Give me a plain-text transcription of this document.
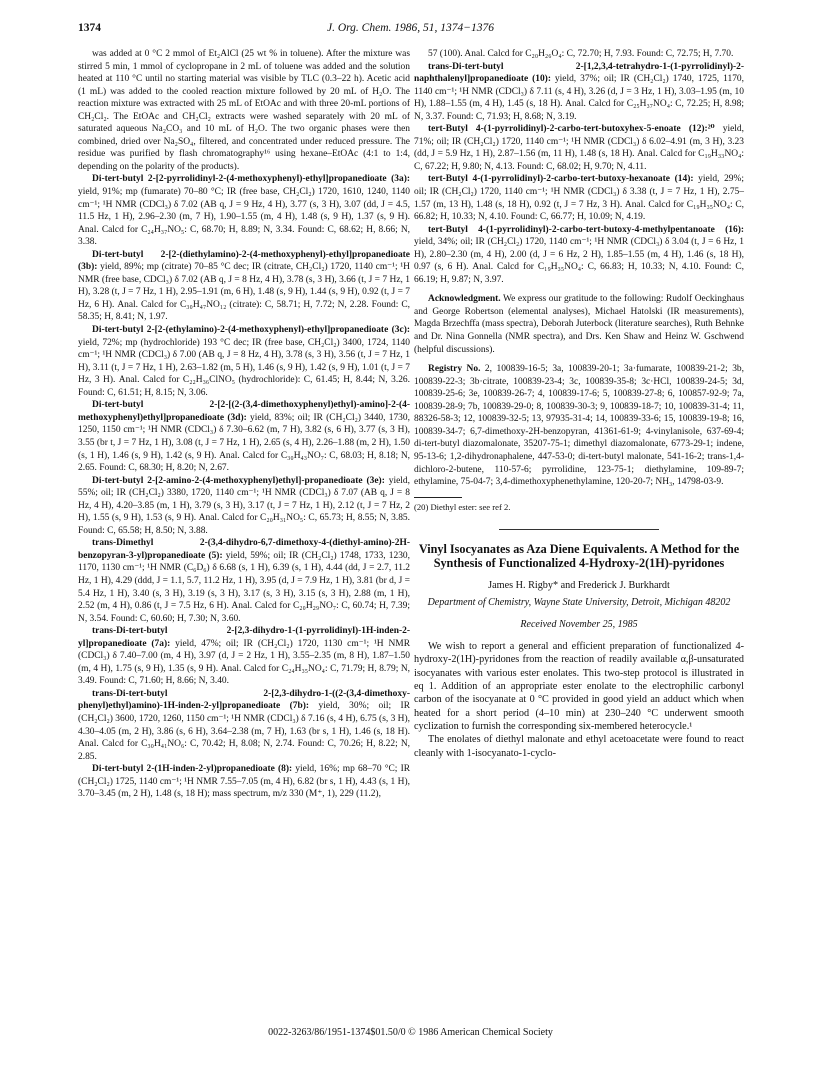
1374	J. Org. Chem. 1986, 51, 1374−1376

was added at 0 °C 2 mmol of Et₂AlCl (25 wt % in toluene). After the mixture was stirred 5 min, 1 mmol of cyclopropane in 2 mL of toluene was added and the solution heated at 110 °C until no starting material was visible by TLC (0.3–22 h). Acetic acid (1 mL) was added to the cooled reaction mixture followed by 20 mL of H₂O. The reaction mixture was extracted with 25 mL of EtOAc and with three 20-mL portions of CH₂Cl₂. The EtOAc and CH₂Cl₂ extracts were washed separately with 20 mL of saturated aqueous Na₂CO₃ and 10 mL of H₂O. The two organic phases were then combined, dried over Na₂SO₄, filtered, and concentrated under reduced pressure. The residue was purified by flash chromatography¹⁶ using hexane–EtOAc (4:1 to 1:4, depending on the polarity of the products).

Di-tert-butyl 2-[2-pyrrolidinyl-2-(4-methoxyphenyl)-ethyl]propanedioate (3a): yield, 91%; mp (fumarate) 70–80 °C; IR (free base, CH₂Cl₂) 1720, 1610, 1240, 1140 cm⁻¹; ¹H NMR (CDCl₃) δ 7.02 (AB q, J = 9 Hz, 4 H), 3.77 (s, 3 H), 3.07 (dd, J = 4.5, 11.5 Hz, 1 H), 2.96–2.30 (m, 7 H), 1.90–1.55 (m, 4 H), 1.48 (s, 9 H), 1.37 (s, 9 H). Anal. Calcd for C₂₄H₃₇NO₅: C, 68.70; H, 8.89; N, 3.34. Found: C, 68.62; H, 8.66; N, 3.38.

Di-tert-butyl 2-[2-(diethylamino)-2-(4-methoxyphenyl)-ethyl]propanedioate (3b): yield, 89%; mp (citrate) 70–85 °C dec; IR (citrate, CH₂Cl₂) 1720, 1140 cm⁻¹; ¹H NMR (free base, CDCl₃) δ 7.02 (AB q, J = 8 Hz, 4 H), 3.78 (s, 3 H), 3.66 (t, J = 7 Hz, 1 H), 3.28 (t, J = 7 Hz, 1 H), 2.95–1.91 (m, 6 H), 1.48 (s, 9 H), 1.44 (s, 9 H), 0.92 (t, J = 7 Hz, 6 H). Anal. Calcd for C₃₀H₄₇NO₁₂ (citrate): C, 58.71; H, 7.72; N, 2.28. Found: C, 58.35; H, 8.41; N, 1.97.

Di-tert-butyl 2-[2-(ethylamino)-2-(4-methoxyphenyl)-ethyl]propanedioate (3c): yield, 72%; mp (hydrochloride) 193 °C dec; IR (free base, CH₂Cl₂) 3400, 1724, 1140 cm⁻¹; ¹H NMR (CDCl₃) δ 7.00 (AB q, J = 8 Hz, 4 H), 3.78 (s, 3 H), 3.56 (t, J = 7 Hz, 1 H), 3.11 (t, J = 7 Hz, 1 H), 2.63–1.82 (m, 5 H), 1.46 (s, 9 H), 1.42 (s, 9 H), 1.01 (t, J = 7 Hz, 3 H). Anal. Calcd for C₂₂H₃₆ClNO₅ (hydrochloride): C, 61.45; H, 8.44; N, 3.26. Found: C, 61.51; H, 8.15; N, 3.06.

Di-tert-butyl 2-[2-[(2-(3,4-dimethoxyphenyl)ethyl)-amino]-2-(4-methoxyphenyl)ethyl]propanedioate (3d): yield, 83%; oil; IR (CH₂Cl₂) 3440, 1730, 1250, 1150 cm⁻¹; ¹H NMR (CDCl₃) δ 7.30–6.62 (m, 7 H), 3.82 (s, 6 H), 3.77 (s, 3 H), 3.55 (br t, J = 7 Hz, 1 H), 3.08 (t, J = 7 Hz, 1 H), 2.65 (s, 4 H), 2.26–1.88 (m, 2 H), 1.50 (s, 1 H), 1.46 (s, 9 H), 1.42 (s, 9 H). Anal. Calcd for C₃₀H₄₃NO₇: C, 68.03; H, 8.18; N, 2.65. Found: C, 68.30; H, 8.20; N, 2.67.

Di-tert-butyl 2-[2-amino-2-(4-methoxyphenyl)ethyl]-propanedioate (3e): yield, 55%; oil; IR (CH₂Cl₂) 3380, 1720, 1140 cm⁻¹; ¹H NMR (CDCl₃) δ 7.07 (AB q, J = 8 Hz, 4 H), 4.20–3.85 (m, 1 H), 3.79 (s, 3 H), 3.17 (t, J = 7 Hz, 1 H), 2.12 (t, J = 7 Hz, 2 H), 1.55 (s, 9 H), 1.53 (s, 9 H). Anal. Calcd for C₂₀H₃₁NO₅: C, 65.73; H, 8.55; N, 3.85. Found: C, 65.58; H, 8.50; N, 3.88.

trans-Dimethyl 2-(3,4-dihydro-6,7-dimethoxy-4-(diethyl-amino)-2H-benzopyran-3-yl)propanedioate (5): yield, 59%; oil; IR (CH₂Cl₂) 1748, 1733, 1230, 1170, 1130 cm⁻¹; ¹H NMR (C₆D₆) δ 6.68 (s, 1 H), 6.39 (s, 1 H), 4.44 (dd, J = 2.7, 11.2 Hz, 1 H), 4.29 (ddd, J = 1.1, 5.7, 11.2 Hz, 1 H), 3.95 (d, J = 7.9 Hz, 1 H), 3.81 (br d, J = 5.4 Hz, 1 H), 3.40 (s, 3 H), 3.19 (s, 3 H), 3.17 (s, 3 H), 3.15 (s, 3 H), 2.88 (m, 1 H), 2.52 (m, 4 H), 0.86 (t, J = 7.5 Hz, 6 H). Anal. Calcd for C₂₀H₂₉NO₇: C, 60.74; H, 7.39; N, 3.54. Found: C, 60.60; H, 7.30; N, 3.60.

trans-Di-tert-butyl 2-[2,3-dihydro-1-(1-pyrrolidinyl)-1H-inden-2-yl]propanedioate (7a): yield, 47%; oil; IR (CH₂Cl₂) 1720, 1130 cm⁻¹; ¹H NMR (CDCl₃) δ 7.40–7.00 (m, 4 H), 3.97 (d, J = 2 Hz, 1 H), 3.55–2.35 (m, 8 H), 1.87–1.50 (m, 4 H), 1.75 (s, 9 H), 1.35 (s, 9 H). Anal. Calcd for C₂₄H₃₅NO₄: C, 71.79; H, 8.79; N, 3.49. Found: C, 71.60; H, 8.66; N, 3.40.

trans-Di-tert-butyl 2-[2,3-dihydro-1-((2-(3,4-dimethoxy-phenyl)ethyl)amino)-1H-inden-2-yl]propanedioate (7b): yield, 30%; oil; IR (CH₂Cl₂) 3600, 1720, 1260, 1150 cm⁻¹; ¹H NMR (CDCl₃) δ 7.16 (s, 4 H), 6.75 (s, 3 H), 4.30–4.05 (m, 2 H), 3.86 (s, 6 H), 3.64–2.38 (m, 7 H), 1.63 (br s, 1 H), 1.46 (s, 18 H). Anal. Calcd for C₃₀H₄₁NO₆: C, 70.42; H, 8.08; N, 2.74. Found: C, 70.26; H, 8.22; N, 2.85.

Di-tert-butyl 2-(1H-inden-2-yl)propanedioate (8): yield, 16%; mp 68–70 °C; IR (CH₂Cl₂) 1725, 1140 cm⁻¹; ¹H NMR 7.55–7.05 (m, 4 H), 6.82 (br s, 1 H), 4.43 (s, 1 H), 3.70–3.45 (m, 2 H), 1.48 (s, 18 H); mass spectrum, m/z 330 (M⁺, 1), 229 (11.2),

57 (100). Anal. Calcd for C₂₀H₂₆O₄: C, 72.70; H, 7.93. Found: C, 72.75; H, 7.70.

trans-Di-tert-butyl 2-[1,2,3,4-tetrahydro-1-(1-pyrrolidinyl)-2-naphthalenyl]propanedioate (10): yield, 37%; oil; IR (CH₂Cl₂) 1740, 1725, 1170, 1140 cm⁻¹; ¹H NMR (CDCl₃) δ 7.11 (s, 4 H), 3.26 (d, J = 3 Hz, 1 H), 3.03–1.95 (m, 10 H), 1.88–1.55 (m, 4 H), 1.45 (s, 18 H). Anal. Calcd for C₂₅H₃₇NO₄: C, 72.25; H, 8.98; N, 3.37. Found: C, 71.93; H, 8.68; N, 3.19.

tert-Butyl 4-(1-pyrrolidinyl)-2-carbo-tert-butoxyhex-5-enoate (12):²⁰ yield, 71%; oil; IR (CH₂Cl₂) 1720, 1140 cm⁻¹; ¹H NMR (CDCl₃) δ 6.02–4.91 (m, 3 H), 3.23 (dd, J = 5.9 Hz, 1 H), 2.87–1.56 (m, 11 H), 1.48 (s, 18 H). Anal. Calcd for C₁₉H₃₃NO₄: C, 67.22; H, 9.80; N, 4.13. Found: C, 68.02; H, 9.70; N, 4.11.

tert-Butyl 4-(1-pyrrolidinyl)-2-carbo-tert-butoxy-hexanoate (14): yield, 29%; oil; IR (CH₂Cl₂) 1720, 1140 cm⁻¹; ¹H NMR (CDCl₃) δ 3.38 (t, J = 7 Hz, 1 H), 2.75–1.57 (m, 13 H), 1.48 (s, 18 H), 0.92 (t, J = 7 Hz, 3 H). Anal. Calcd for C₁₉H₃₅NO₄: C, 66.82; H, 10.33; N, 4.10. Found: C, 66.77; H, 10.09; N, 4.19.

tert-Butyl 4-(1-pyrrolidinyl)-2-carbo-tert-butoxy-4-methylpentanoate (16): yield, 34%; oil; IR (CH₂Cl₂) 1720, 1140 cm⁻¹; ¹H NMR (CDCl₃) δ 3.04 (t, J = 6 Hz, 1 H), 2.80–2.30 (m, 4 H), 2.00 (d, J = 6 Hz, 2 H), 1.85–1.55 (m, 4 H), 1.46 (s, 18 H), 0.97 (s, 6 H). Anal. Calcd for C₁₉H₃₅NO₄: C, 66.83; H, 10.33; N, 4.10. Found: C, 66.19; H, 9.87; N, 3.97.

Acknowledgment. We express our gratitude to the following: Rudolf Oeckinghaus and George Robertson (elemental analyses), Michael Hatolski (IR measurements), Magda Brzechffa (mass spectra), Deborah Juterbock (literature searches), Ruth Behnke and Dr. Nina Gonnella (NMR spectra), and Drs. Ken Shaw and Heinz W. Gschwend (helpful discussions).

Registry No. 2, 100839-16-5; 3a, 100839-20-1; 3a·fumarate, 100839-21-2; 3b, 100839-22-3; 3b·citrate, 100839-23-4; 3c, 100839-35-8; 3c·HCl, 100839-24-5; 3d, 100839-25-6; 3e, 100839-26-7; 4, 100839-17-6; 5, 100839-27-8; 6, 100857-92-9; 7a, 100839-28-9; 7b, 100839-29-0; 8, 100839-30-3; 9, 100839-18-7; 10, 100839-31-4; 11, 88326-58-3; 12, 100839-32-5; 13, 97935-31-4; 14, 100839-33-6; 15, 100839-19-8; 16, 100839-34-7; 6,7-dimethoxy-2H-benzopyran, 41361-61-9; 4-vinylanisole, 637-69-4; di-tert-butyl diazomalonate, 35207-75-1; dimethyl diazomalonate, 6773-29-1; indene, 95-13-6; 1,2-dihydronaphalene, 447-53-0; di-tert-butyl malonate, 541-16-2; trans-1,4-dichloro-2-butene, 110-57-6; pyrrolidine, 123-75-1; diethylamine, 109-89-7; ethylamine, 75-04-7; 3,4-dimethoxyphenethylamine, 120-20-7; NH₃, 14798-03-9.

(20) Diethyl ester: see ref 2.

Vinyl Isocyanates as Aza Diene Equivalents. A Method for the Synthesis of Functionalized 4-Hydroxy-2(1H)-pyridones
James H. Rigby* and Frederick J. Burkhardt
Department of Chemistry, Wayne State University, Detroit, Michigan 48202
Received November 25, 1985

We wish to report a general and efficient preparation of functionalized 4-hydroxy-2(1H)-pyridones from the reaction of readily available α,β-unsaturated isocyanates with various ester enolates. This two-step protocol is illustrated in eq 1. Addition of an appropriate ester enolate to the electrophilic carbonyl carbon of the isocyanate at 0 °C provided in good yield an adduct which when heated for a short period (4–10 min) at 230–240 °C underwent smooth cyclization to furnish the corresponding six-membered heterocycle.¹

The enolates of diethyl malonate and ethyl acetoacetate were found to react cleanly with 1-isocyanato-1-cyclo-

0022-3263/86/1951-1374$01.50/0 © 1986 American Chemical Society
